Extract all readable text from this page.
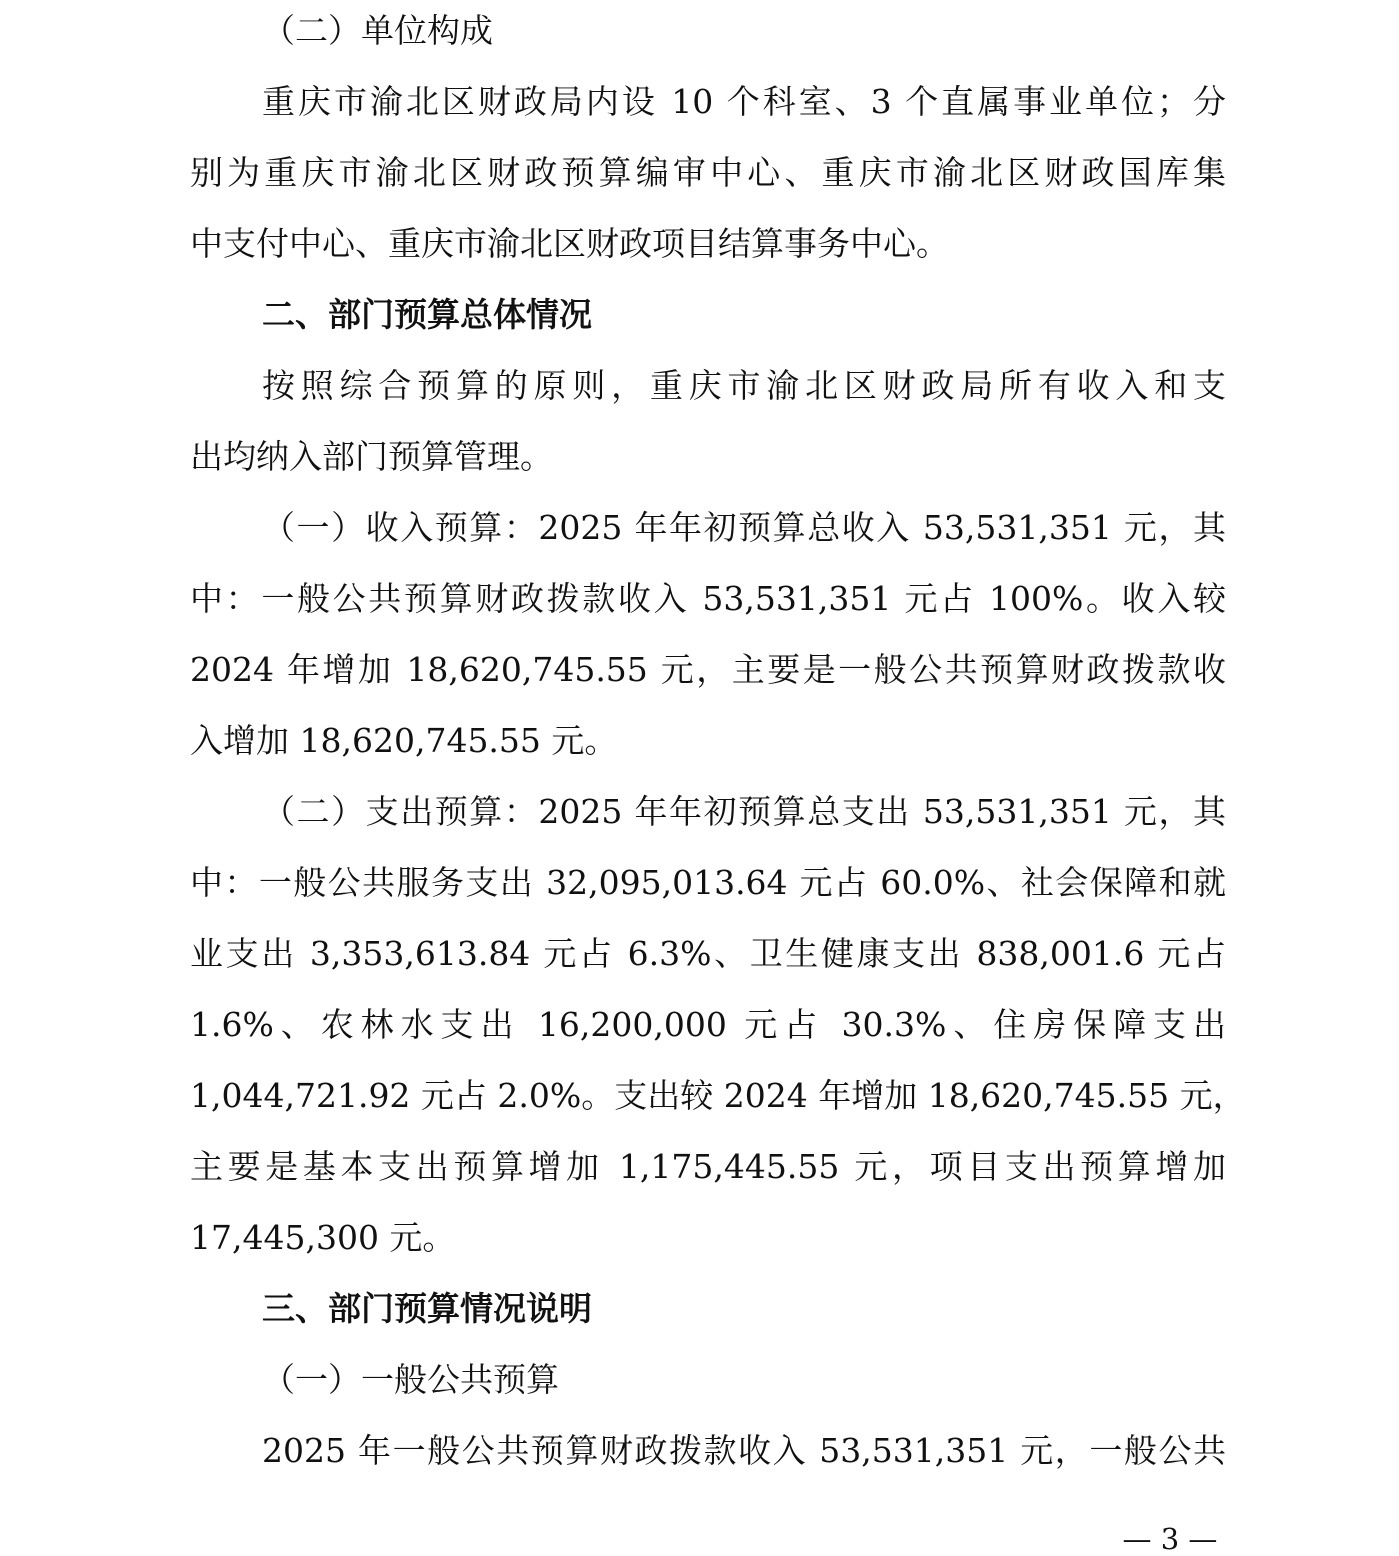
（二）单位构成
重庆市渝北区财政局内设 10 个科室、3 个直属事业单位；分
别为重庆市渝北区财政预算编审中心、重庆市渝北区财政国库集
中支付中心、重庆市渝北区财政项目结算事务中心。
二、部门预算总体情况
按照综合预算的原则，重庆市渝北区财政局所有收入和支
出均纳入部门预算管理。
（一）收入预算：2025 年年初预算总收入 53,531,351 元，其
中：一般公共预算财政拨款收入 53,531,351 元占 100%。收入较
2024 年增加 18,620,745.55 元，主要是一般公共预算财政拨款收
入增加 18,620,745.55 元。
（二）支出预算：2025 年年初预算总支出 53,531,351 元，其
中：一般公共服务支出 32,095,013.64 元占 60.0%、社会保障和就
业支出 3,353,613.84 元占 6.3%、卫生健康支出 838,001.6 元占
1.6%、农林水支出 16,200,000 元占 30.3%、住房保障支出
1,044,721.92 元占 2.0%。支出较 2024 年增加 18,620,745.55 元，
主要是基本支出预算增加 1,175,445.55 元，项目支出预算增加
17,445,300 元。
三、部门预算情况说明
（一）一般公共预算
2025 年一般公共预算财政拨款收入 53,531,351 元，一般公共
— 3 —
